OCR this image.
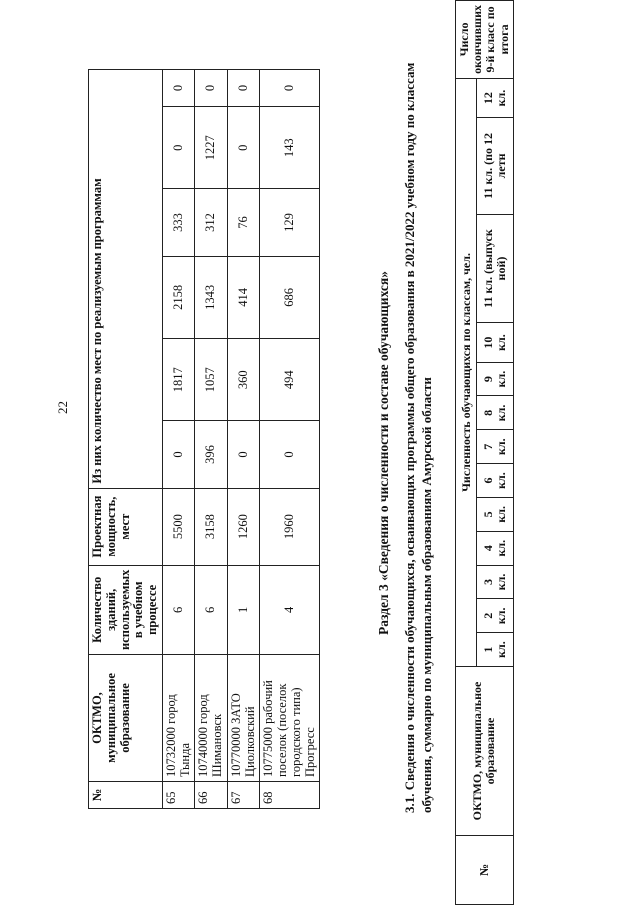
22
№	ОКТМО, муниципальное образование	Количество зданий, используемых в учебном процессе	Проектная мощность, мест	Из них количество мест по реализуемым программам					
65	10732000 город Тында	6	5500	0	1817	2158	333	0	0
66	10740000 город Шимановск	6	3158	396	1057	1343	312	1227	0
67	10770000 ЗАТО Циолковский	1	1260	0	360	414	76	0	0
68	10775000 рабочий поселок (поселок городского типа) Прогресс	4	1960	0	494	686	129	143	0
Раздел 3 «Сведения о численности и составе обучающихся» 3.1. Сведения о численности обучающихся, осваивающих программы общего образования в 2021/2022 учебном году по классам обучения, суммарно по муниципальным образованиям Амурской области
№	ОКТМО, муниципальное образование	Численность обучающихся по классам, чел.													Число окончивших 9-й класс по итога
		1 кл.	2 кл.	3 кл.	4 кл.	5 кл.	6 кл.	7 кл.	8 кл.	9 кл.	10 кл.	11 кл. (выпуск ной)	11 кл. (по 12 летн	12 кл.	
